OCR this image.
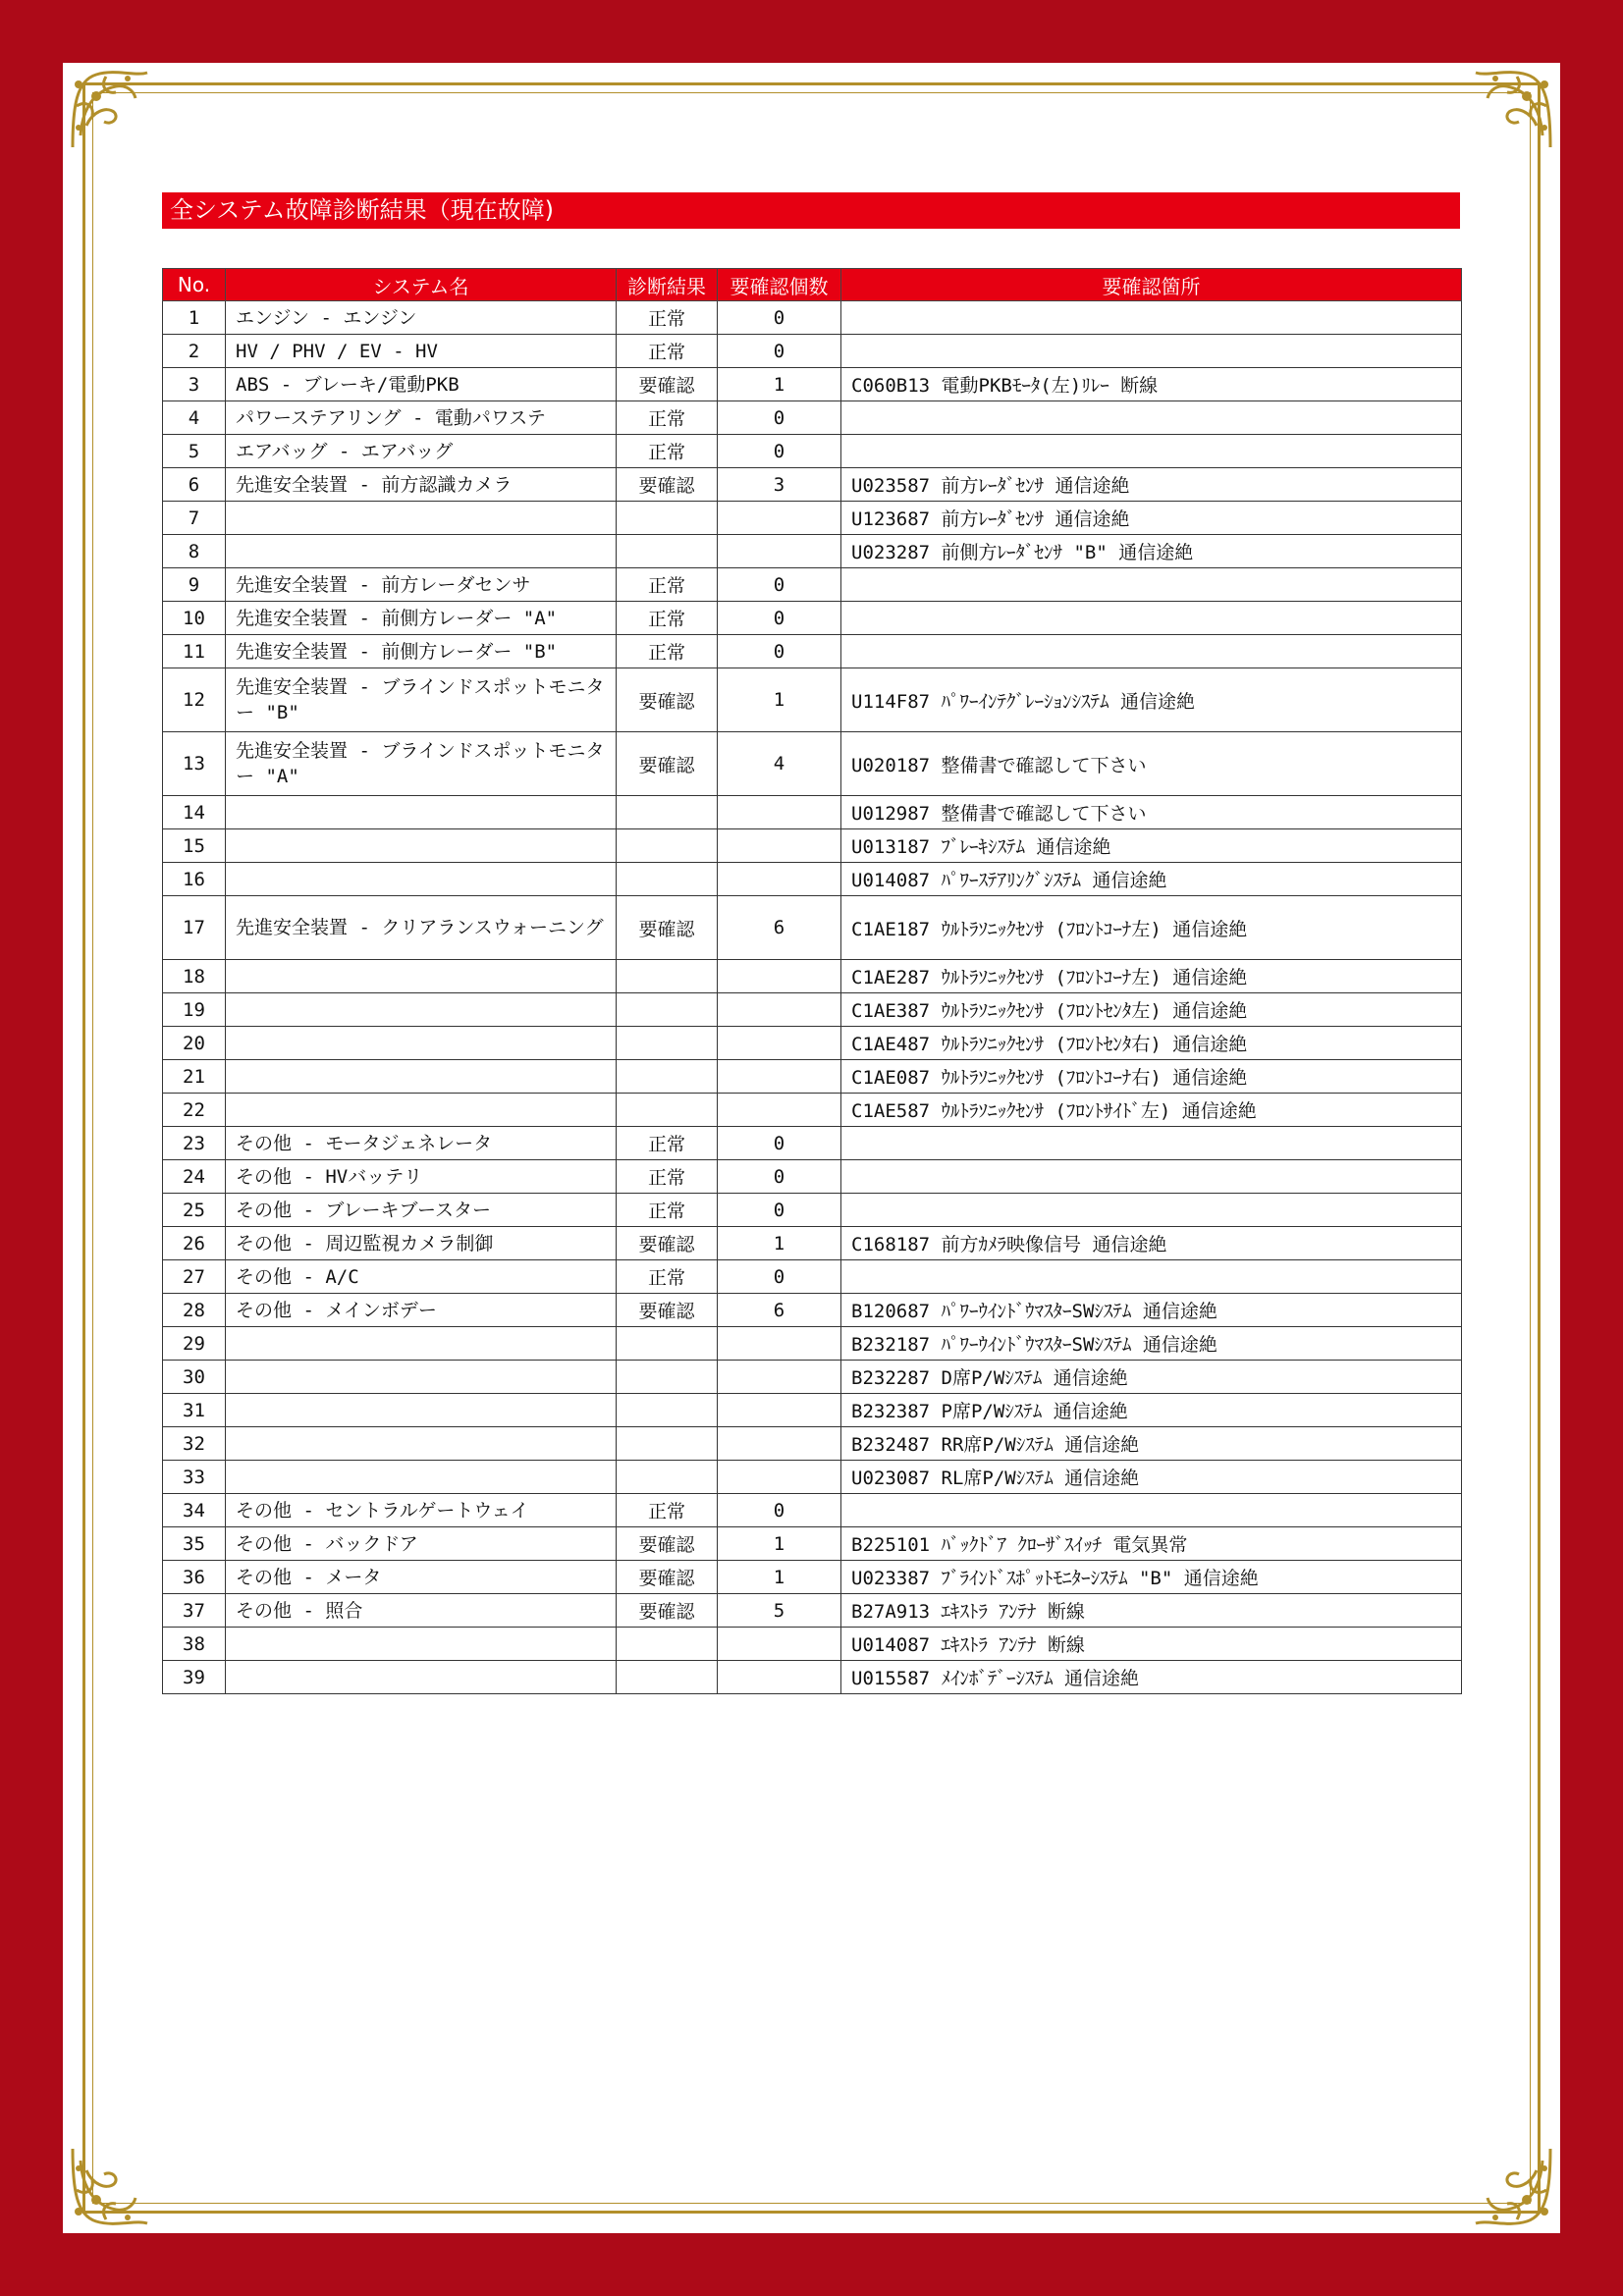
全システム故障診断結果（現在故障)
No.	システム名	診断結果	要確認個数	要確認箇所
1	エンジン - エンジン	正常	0	
2	HV / PHV / EV - HV	正常	0	
3	ABS - ブレーキ/電動PKB	要確認	1	C060B13 電動PKBﾓｰﾀ(左)ﾘﾚｰ 断線
4	パワーステアリング - 電動パワステ	正常	0	
5	エアバッグ - エアバッグ	正常	0	
6	先進安全装置 - 前方認識カメラ	要確認	3	U023587 前方ﾚｰﾀﾞｾﾝｻ 通信途絶
7				U123687 前方ﾚｰﾀﾞｾﾝｻ 通信途絶
8				U023287 前側方ﾚｰﾀﾞｾﾝｻ "B" 通信途絶
9	先進安全装置 - 前方レーダセンサ	正常	0	
10	先進安全装置 - 前側方レーダー "A"	正常	0	
11	先進安全装置 - 前側方レーダー "B"	正常	0	
12	先進安全装置 - ブラインドスポットモニター "B"	要確認	1	U114F87 ﾊﾟﾜｰｲﾝﾃｸﾞﾚｰｼｮﾝｼｽﾃﾑ 通信途絶
13	先進安全装置 - ブラインドスポットモニター "A"	要確認	4	U020187 整備書で確認して下さい
14				U012987 整備書で確認して下さい
15				U013187 ﾌﾞﾚｰｷｼｽﾃﾑ 通信途絶
16				U014087 ﾊﾟﾜｰｽﾃｱﾘﾝｸﾞｼｽﾃﾑ 通信途絶
17	先進安全装置 - クリアランスウォーニング	要確認	6	C1AE187 ｳﾙﾄﾗｿﾆｯｸｾﾝｻ (ﾌﾛﾝﾄｺｰﾅ左) 通信途絶
18				C1AE287 ｳﾙﾄﾗｿﾆｯｸｾﾝｻ (ﾌﾛﾝﾄｺｰﾅ左) 通信途絶
19				C1AE387 ｳﾙﾄﾗｿﾆｯｸｾﾝｻ (ﾌﾛﾝﾄｾﾝﾀ左) 通信途絶
20				C1AE487 ｳﾙﾄﾗｿﾆｯｸｾﾝｻ (ﾌﾛﾝﾄｾﾝﾀ右) 通信途絶
21				C1AE087 ｳﾙﾄﾗｿﾆｯｸｾﾝｻ (ﾌﾛﾝﾄｺｰﾅ右) 通信途絶
22				C1AE587 ｳﾙﾄﾗｿﾆｯｸｾﾝｻ (ﾌﾛﾝﾄｻｲﾄﾞ左) 通信途絶
23	その他 - モータジェネレータ	正常	0	
24	その他 - HVバッテリ	正常	0	
25	その他 - ブレーキブースター	正常	0	
26	その他 - 周辺監視カメラ制御	要確認	1	C168187 前方ｶﾒﾗ映像信号 通信途絶
27	その他 - A/C	正常	0	
28	その他 - メインボデー	要確認	6	B120687 ﾊﾟﾜｰｳｲﾝﾄﾞｳﾏｽﾀｰSWｼｽﾃﾑ 通信途絶
29				B232187 ﾊﾟﾜｰｳｲﾝﾄﾞｳﾏｽﾀｰSWｼｽﾃﾑ 通信途絶
30				B232287 D席P/Wｼｽﾃﾑ 通信途絶
31				B232387 P席P/Wｼｽﾃﾑ 通信途絶
32				B232487 RR席P/Wｼｽﾃﾑ 通信途絶
33				U023087 RL席P/Wｼｽﾃﾑ 通信途絶
34	その他 - セントラルゲートウェイ	正常	0	
35	その他 - バックドア	要確認	1	B225101 ﾊﾞｯｸﾄﾞｱ ｸﾛｰｻﾞｽｲｯﾁ 電気異常
36	その他 - メータ	要確認	1	U023387 ﾌﾞﾗｲﾝﾄﾞｽﾎﾟｯﾄﾓﾆﾀｰｼｽﾃﾑ "B" 通信途絶
37	その他 - 照合	要確認	5	B27A913 ｴｷｽﾄﾗ ｱﾝﾃﾅ 断線
38				U014087 ｴｷｽﾄﾗ ｱﾝﾃﾅ 断線
39				U015587 ﾒｲﾝﾎﾞﾃﾞｰｼｽﾃﾑ 通信途絶
